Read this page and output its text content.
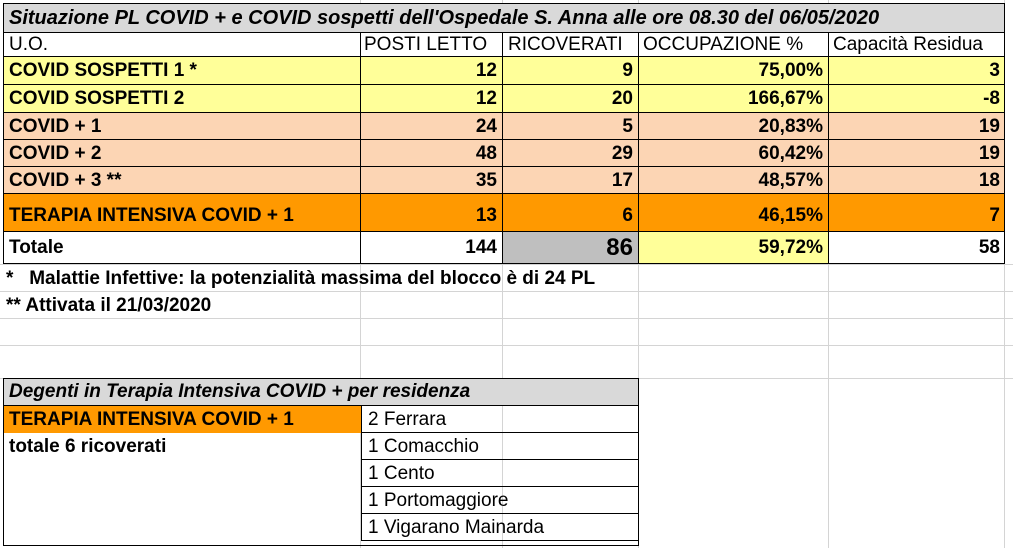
Situazione PL COVID + e COVID sospetti dell'Ospedale S. Anna alle ore 08.30 del 06/05/2020
U.O.	POSTI LETTO	RICOVERATI	OCCUPAZIONE %	Capacità Residua
COVID SOSPETTI 1 *	12	9	75,00%	3
COVID SOSPETTI 2	12	20	166,67%	-8
COVID + 1	24	5	20,83%	19
COVID + 2	48	29	60,42%	19
COVID + 3 **	35	17	48,57%	18
TERAPIA INTENSIVA COVID + 1	13	6	46,15%	7
Totale	144	86	59,72%	58
*   Malattie Infettive: la potenzialità massima del blocco è di 24 PL
** Attivata il 21/03/2020
Degenti in Terapia Intensiva COVID + per residenza
TERAPIA INTENSIVA COVID + 1
totale 6 ricoverati
2 Ferrara
1 Comacchio
1 Cento
1 Portomaggiore
1 Vigarano Mainarda
